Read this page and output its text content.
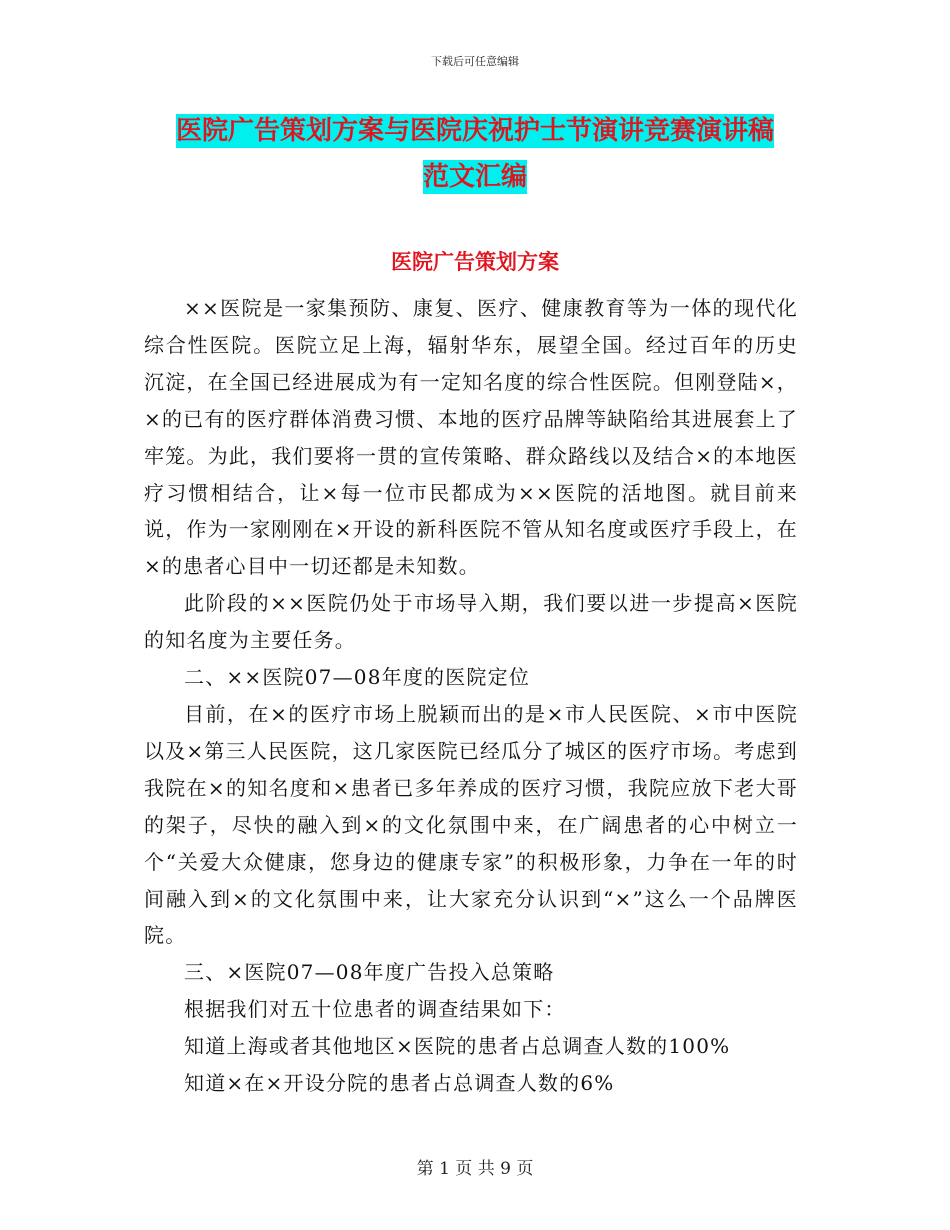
下载后可任意编辑
医院广告策划方案与医院庆祝护士节演讲竞赛演讲稿
范文汇编
医院广告策划方案

××医院是一家集预防、康复、医疗、健康教育等为一体的现代化综合性医院。医院立足上海，辐射华东，展望全国。经过百年的历史沉淀，在全国已经进展成为有一定知名度的综合性医院。但刚登陆×，×的已有的医疗群体消费习惯、本地的医疗品牌等缺陷给其进展套上了牢笼。为此，我们要将一贯的宣传策略、群众路线以及结合×的本地医疗习惯相结合，让×每一位市民都成为××医院的活地图。就目前来说，作为一家刚刚在×开设的新科医院不管从知名度或医疗手段上，在×的患者心目中一切还都是未知数。

此阶段的××医院仍处于市场导入期，我们要以进一步提高×医院的知名度为主要任务。

二、××医院07—08年度的医院定位

目前，在×的医疗市场上脱颖而出的是×市人民医院、×市中医院以及×第三人民医院，这几家医院已经瓜分了城区的医疗市场。考虑到我院在×的知名度和×患者已多年养成的医疗习惯，我院应放下老大哥的架子，尽快的融入到×的文化氛围中来，在广阔患者的心中树立一个“关爱大众健康，您身边的健康专家”的积极形象，力争在一年的时间融入到×的文化氛围中来，让大家充分认识到“×”这么一个品牌医院。

三、×医院07—08年度广告投入总策略

根据我们对五十位患者的调查结果如下：

知道上海或者其他地区×医院的患者占总调查人数的100%

知道×在×开设分院的患者占总调查人数的6%

第 1 页 共 9 页
